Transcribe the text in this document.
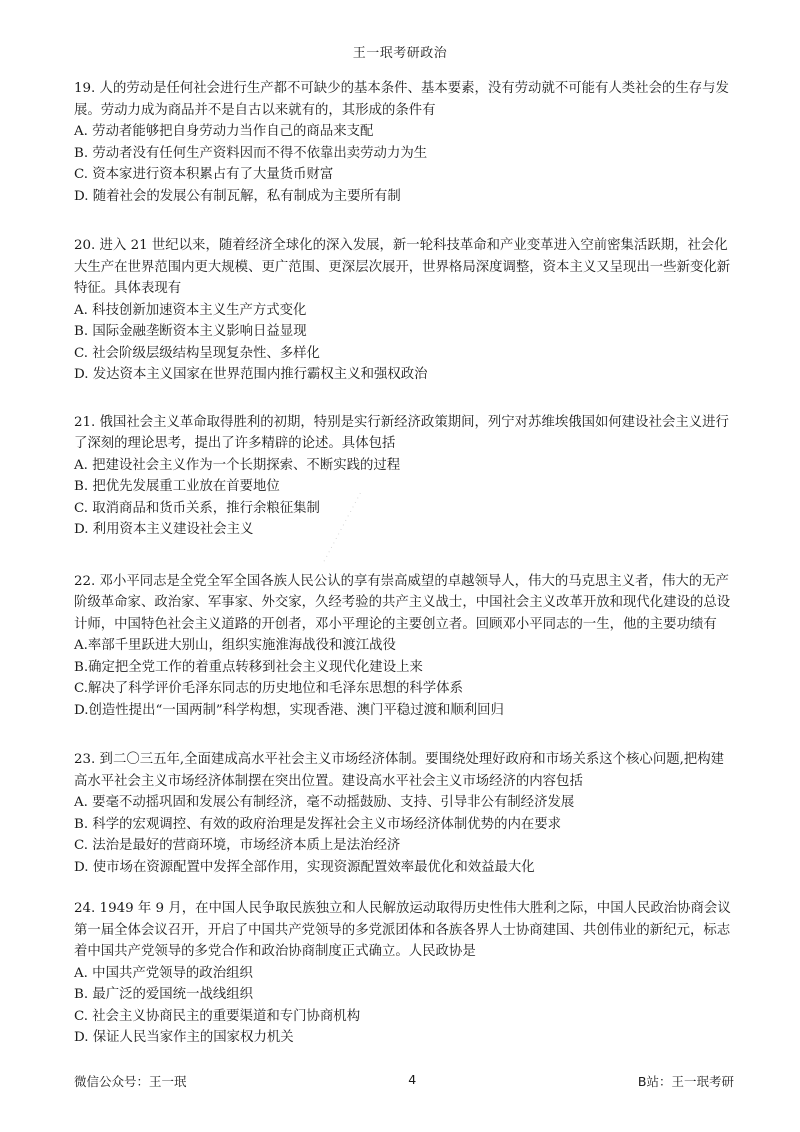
王一珉考研政治
· · · · · · · · · · · · · · · ·

19. 人的劳动是任何社会进行生产都不可缺少的基本条件、基本要素，没有劳动就不可能有人类社会的生存与发展。劳动力成为商品并不是自古以来就有的，其形成的条件有

A. 劳动者能够把自身劳动力当作自己的商品来支配
B. 劳动者没有任何生产资料因而不得不依靠出卖劳动力为生
C. 资本家进行资本积累占有了大量货币财富
D. 随着社会的发展公有制瓦解，私有制成为主要所有制

20. 进入 21 世纪以来，随着经济全球化的深入发展，新一轮科技革命和产业变革进入空前密集活跃期，社会化大生产在世界范围内更大规模、更广范围、更深层次展开，世界格局深度调整，资本主义又呈现出一些新变化新特征。具体表现有

A. 科技创新加速资本主义生产方式变化
B. 国际金融垄断资本主义影响日益显现
C. 社会阶级层级结构呈现复杂性、多样化
D. 发达资本主义国家在世界范围内推行霸权主义和强权政治

21. 俄国社会主义革命取得胜利的初期，特别是实行新经济政策期间，列宁对苏维埃俄国如何建设社会主义进行了深刻的理论思考，提出了许多精辟的论述。具体包括

A. 把建设社会主义作为一个长期探索、不断实践的过程
B. 把优先发展重工业放在首要地位
C. 取消商品和货币关系，推行余粮征集制
D. 利用资本主义建设社会主义

22. 邓小平同志是全党全军全国各族人民公认的享有崇高威望的卓越领导人，伟大的马克思主义者，伟大的无产阶级革命家、政治家、军事家、外交家，久经考验的共产主义战士，中国社会主义改革开放和现代化建设的总设计师，中国特色社会主义道路的开创者，邓小平理论的主要创立者。回顾邓小平同志的一生，他的主要功绩有

A.率部千里跃进大别山，组织实施淮海战役和渡江战役
B.确定把全党工作的着重点转移到社会主义现代化建设上来
C.解决了科学评价毛泽东同志的历史地位和毛泽东思想的科学体系
D.创造性提出“一国两制”科学构想，实现香港、澳门平稳过渡和顺利回归

23. 到二〇三五年,全面建成高水平社会主义市场经济体制。要围绕处理好政府和市场关系这个核心问题,把构建高水平社会主义市场经济体制摆在突出位置。建设高水平社会主义市场经济的内容包括

A. 要毫不动摇巩固和发展公有制经济，毫不动摇鼓励、支持、引导非公有制经济发展
B. 科学的宏观调控、有效的政府治理是发挥社会主义市场经济体制优势的内在要求
C. 法治是最好的营商环境，市场经济本质上是法治经济
D. 使市场在资源配置中发挥全部作用，实现资源配置效率最优化和效益最大化

24. 1949 年 9 月，在中国人民争取民族独立和人民解放运动取得历史性伟大胜利之际，中国人民政治协商会议第一届全体会议召开，开启了中国共产党领导的多党派团体和各族各界人士协商建国、共创伟业的新纪元，标志着中国共产党领导的多党合作和政治协商制度正式确立。人民政协是

A. 中国共产党领导的政治组织
B. 最广泛的爱国统一战线组织
C. 社会主义协商民主的重要渠道和专门协商机构
D. 保证人民当家作主的国家权力机关
微信公众号：王一珉	4	B站：王一珉考研
